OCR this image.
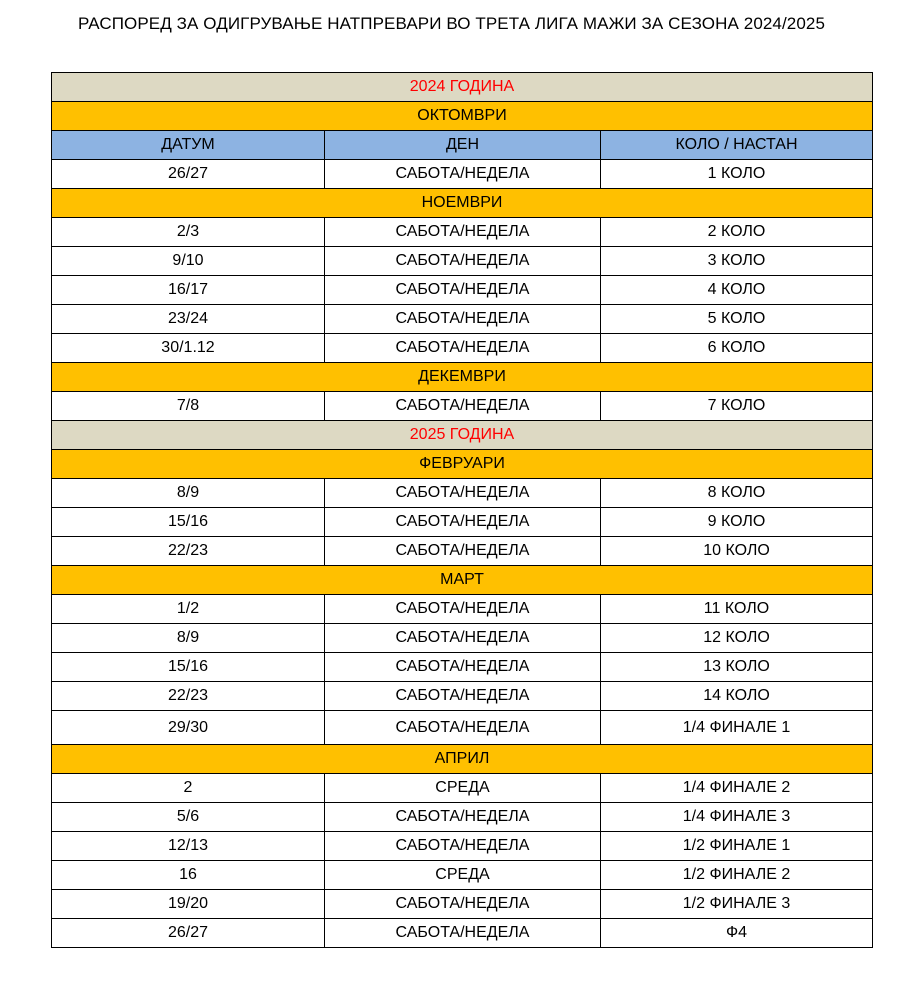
РАСПОРЕД ЗА ОДИГРУВАЊЕ НАТПРЕВАРИ ВО ТРЕТА ЛИГА МАЖИ ЗА СЕЗОНА 2024/2025
2024 ГОДИНА		
ОКТОМВРИ		
ДАТУМ	ДЕН	КОЛО / НАСТАН
26/27	САБОТА/НЕДЕЛА	1 КОЛО
НОЕМВРИ		
2/3	САБОТА/НЕДЕЛА	2 КОЛО
9/10	САБОТА/НЕДЕЛА	3 КОЛО
16/17	САБОТА/НЕДЕЛА	4 КОЛО
23/24	САБОТА/НЕДЕЛА	5 КОЛО
30/1.12	САБОТА/НЕДЕЛА	6 КОЛО
ДЕКЕМВРИ		
7/8	САБОТА/НЕДЕЛА	7 КОЛО
2025 ГОДИНА		
ФЕВРУАРИ		
8/9	САБОТА/НЕДЕЛА	8 КОЛО
15/16	САБОТА/НЕДЕЛА	9 КОЛО
22/23	САБОТА/НЕДЕЛА	10 КОЛО
МАРТ		
1/2	САБОТА/НЕДЕЛА	11 КОЛО
8/9	САБОТА/НЕДЕЛА	12 КОЛО
15/16	САБОТА/НЕДЕЛА	13 КОЛО
22/23	САБОТА/НЕДЕЛА	14 КОЛО
29/30	САБОТА/НЕДЕЛА	1/4 ФИНАЛЕ 1
АПРИЛ		
2	СРЕДА	1/4 ФИНАЛЕ 2
5/6	САБОТА/НЕДЕЛА	1/4 ФИНАЛЕ 3
12/13	САБОТА/НЕДЕЛА	1/2 ФИНАЛЕ 1
16	СРЕДА	1/2 ФИНАЛЕ 2
19/20	САБОТА/НЕДЕЛА	1/2 ФИНАЛЕ 3
26/27	САБОТА/НЕДЕЛА	Ф4
